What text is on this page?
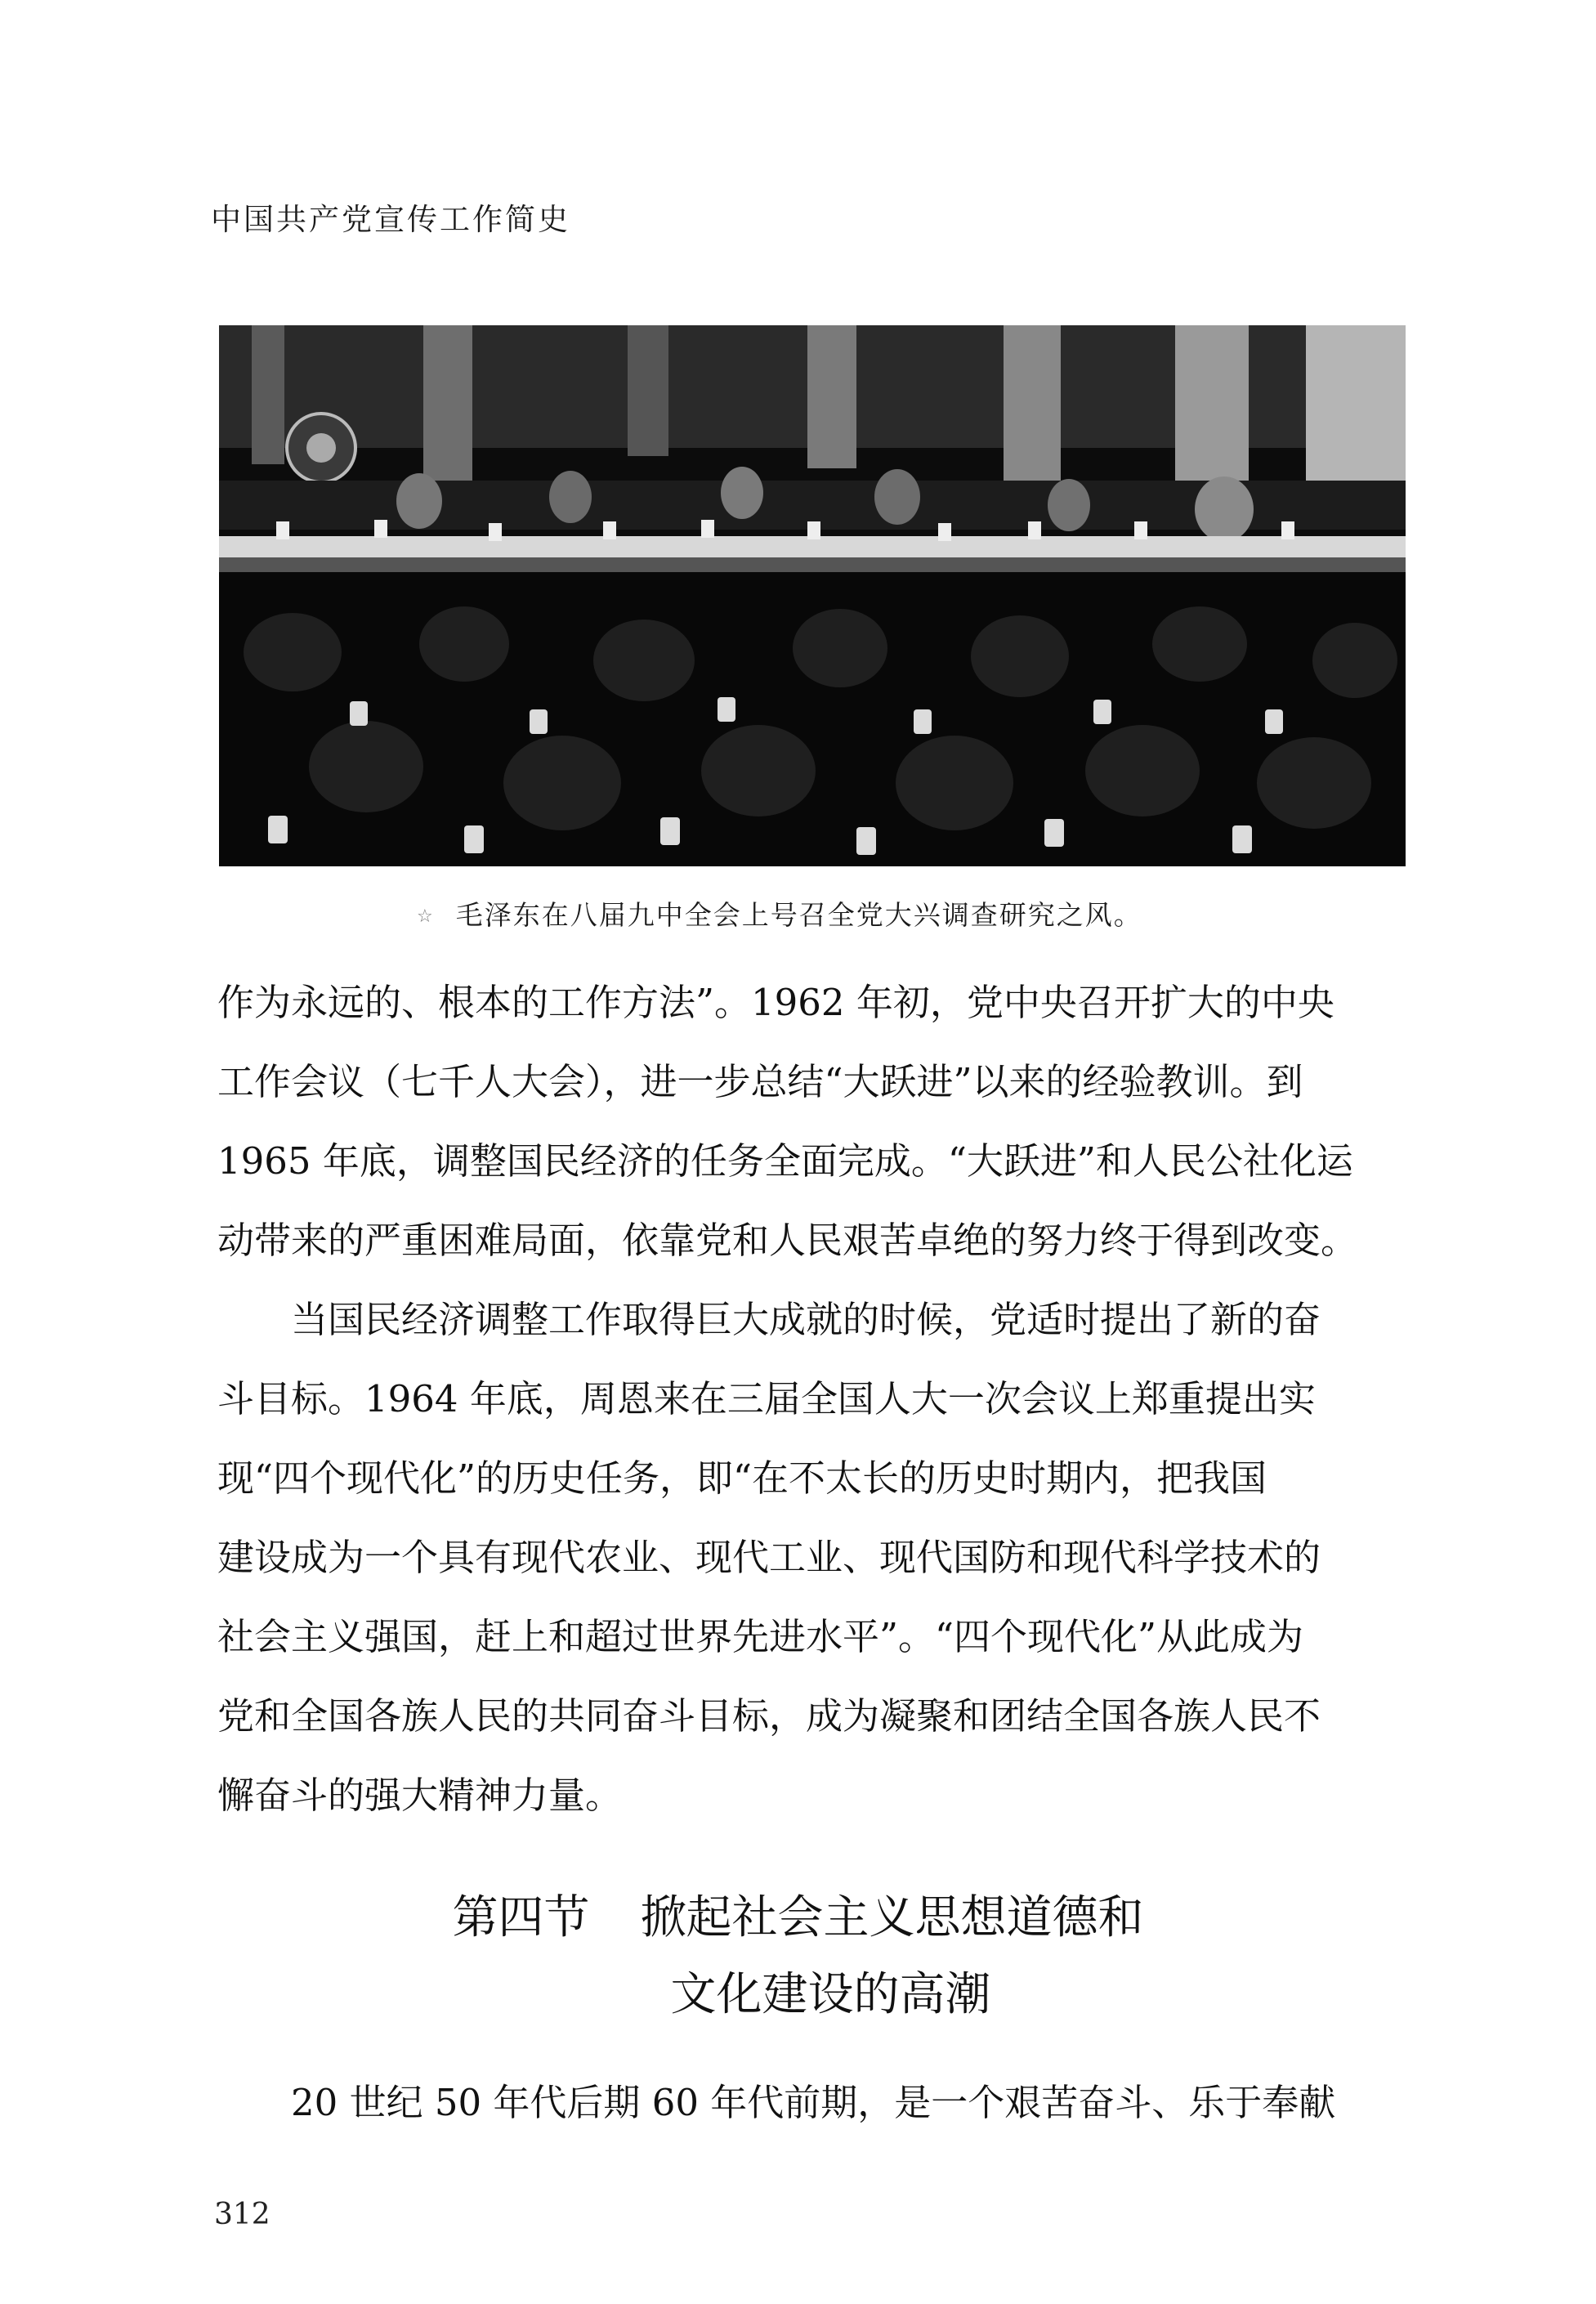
中国共产党宣传工作简史
☆ 毛泽东在八届九中全会上号召全党大兴调查研究之风。
作为永远的、根本的工作方法”。1962 年初，党中央召开扩大的中央
工作会议（七千人大会），进一步总结“大跃进”以来的经验教训。到
1965 年底，调整国民经济的任务全面完成。“大跃进”和人民公社化运
动带来的严重困难局面，依靠党和人民艰苦卓绝的努力终于得到改变。
当国民经济调整工作取得巨大成就的时候，党适时提出了新的奋
斗目标。1964 年底，周恩来在三届全国人大一次会议上郑重提出实
现“四个现代化”的历史任务，即“在不太长的历史时期内，把我国
建设成为一个具有现代农业、现代工业、现代国防和现代科学技术的
社会主义强国，赶上和超过世界先进水平”。“四个现代化”从此成为
党和全国各族人民的共同奋斗目标，成为凝聚和团结全国各族人民不
懈奋斗的强大精神力量。
第四节 掀起社会主义思想道德和
文化建设的高潮
20 世纪 50 年代后期 60 年代前期，是一个艰苦奋斗、乐于奉献
312
